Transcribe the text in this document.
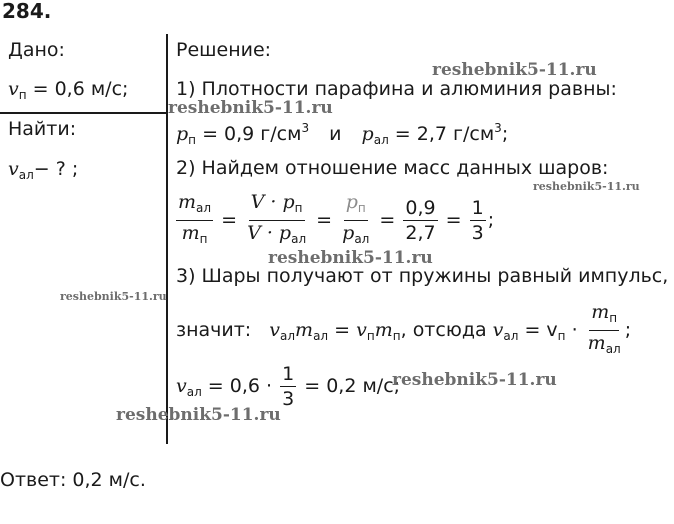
284.
Дано:
$v_п = 0,6$ м/с;
Найти:
$v_{ал}-$ ? ;
Решение:
1) Плотности парафина и алюминия равны:
$p_п = 0,9$ $г/см^3$ и $p_{ал} = 2,7$ $г/см^3$;
2) Найдем отношение масс данных шаров:
$\frac{m_{ал}}{m_п} = \frac{V \cdot p_п}{V \cdot p_{ал}} = \frac{p_п}{p_{ал}} = \frac{0,9}{2,7} = \frac{1}{3}$ ;
3) Шары получают от пружины равный импульс,
значит: $v_{ал}m_{ал} = v_пm_п$, отсюда $v_{ал} = v_п \cdot \frac{m_п}{m_{ал}}$ ;
$v_{ал} = 0,6 \cdot \frac{1}{3} = 0,2$ м/с;
Ответ: 0,2 м/с.
reshebnik5-11.ru
reshebnik5-11.ru
reshebnik5-11.ru
reshebnik5-11.ru
reshebnik5-11.ru
reshebnik5-11.ru
reshebnik5-11.ru
